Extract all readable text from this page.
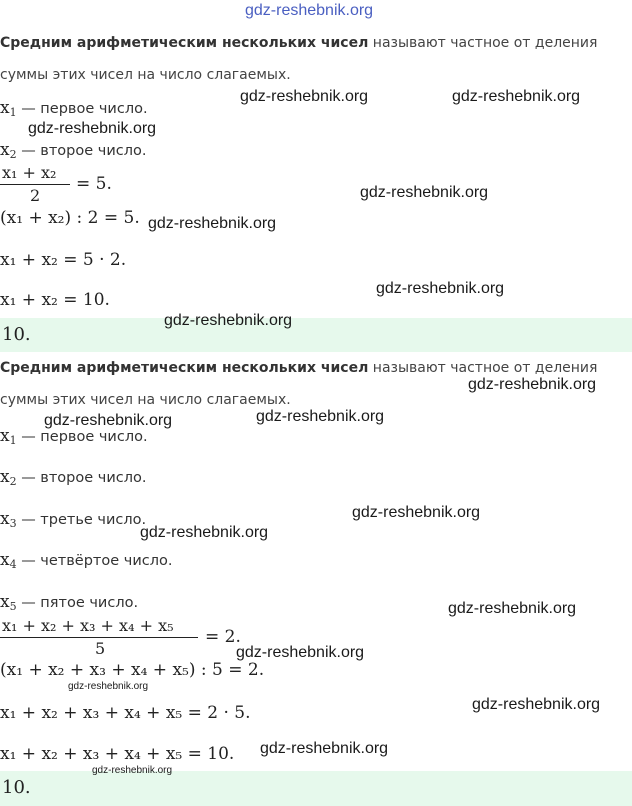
Средним арифметическим нескольких чисел называют частное от деления
суммы этих чисел на число слагаемых.
$x_1$ — первое число.
$x_2$ — второе число.
x₁ + x₂
2
= 5.
(x₁ + x₂) : 2 = 5.
x₁ + x₂ = 5 · 2.
x₁ + x₂ = 10.
10.
Средним арифметическим нескольких чисел называют частное от деления
суммы этих чисел на число слагаемых.
$x_1$ — первое число.
$x_2$ — второе число.
$x_3$ — третье число.
$x_4$ — четвёртое число.
$x_5$ — пятое число.
x₁ + x₂ + x₃ + x₄ + x₅
5
= 2.
(x₁ + x₂ + x₃ + x₄ + x₅) : 5 = 2.
x₁ + x₂ + x₃ + x₄ + x₅ = 2 · 5.
x₁ + x₂ + x₃ + x₄ + x₅ = 10.
10.
gdz-reshebnik.org
gdz-reshebnik.org	gdz-reshebnik.org
gdz-reshebnik.org
gdz-reshebnik.org
gdz-reshebnik.org
gdz-reshebnik.org
gdz-reshebnik.org
gdz-reshebnik.org
gdz-reshebnik.org	gdz-reshebnik.org
gdz-reshebnik.org
gdz-reshebnik.org
gdz-reshebnik.org
gdz-reshebnik.org
gdz-reshebnik.org
gdz-reshebnik.org
gdz-reshebnik.org
gdz-reshebnik.org
